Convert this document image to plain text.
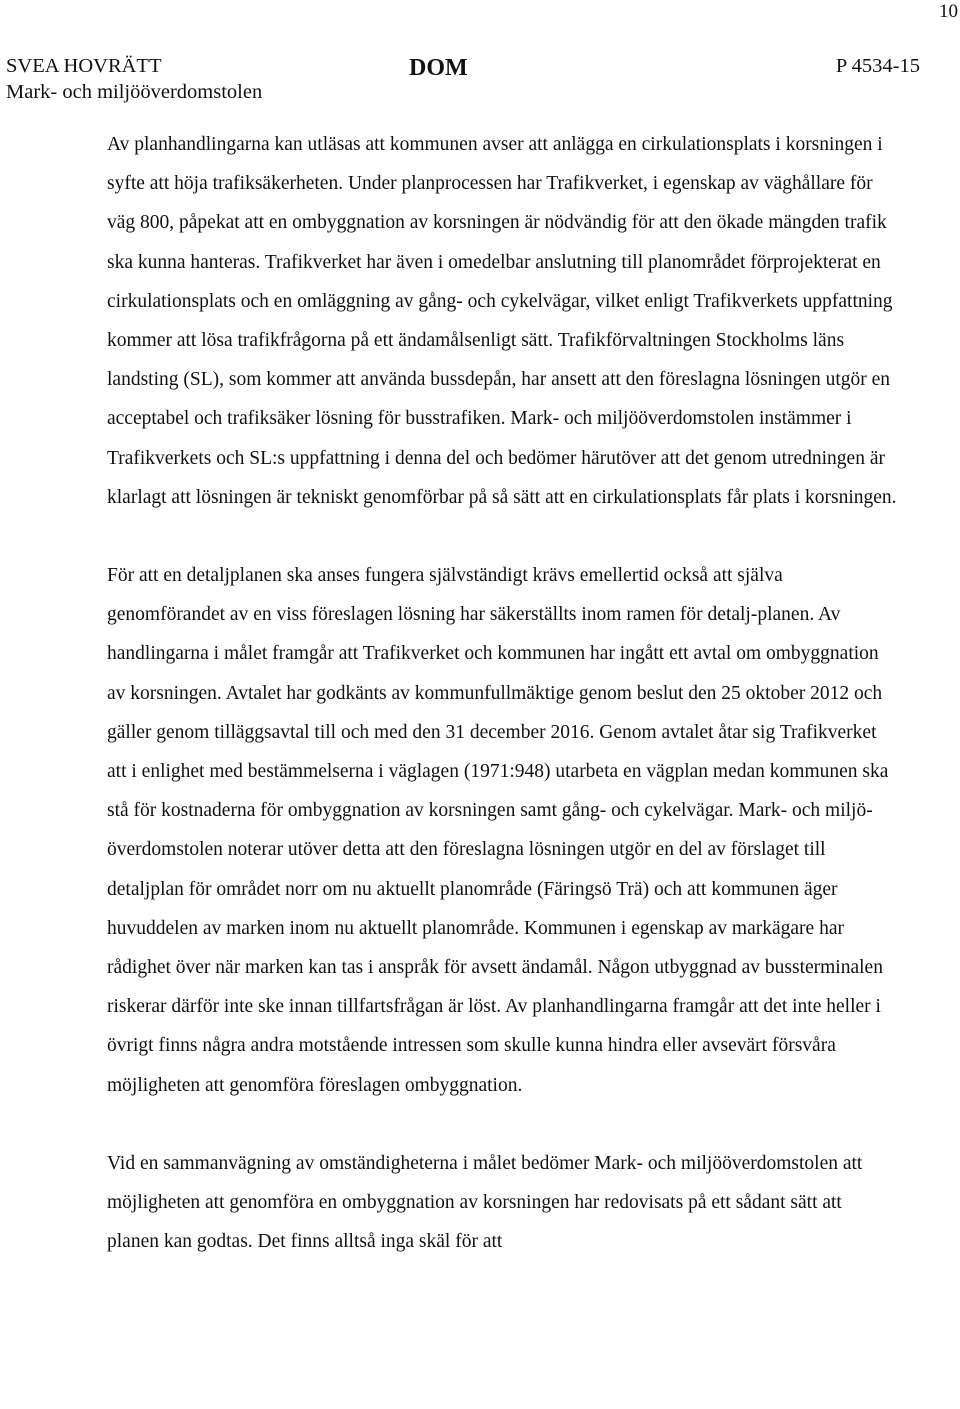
10
SVEA HOVRÄTT
Mark- och miljööverdomstolen
DOM	P 4534-15

Av planhandlingarna kan utläsas att kommunen avser att anlägga en cirkulationsplats i korsningen i syfte att höja trafiksäkerheten. Under planprocessen har Trafikverket, i egenskap av väghållare för väg 800, påpekat att en ombyggnation av korsningen är nödvändig för att den ökade mängden trafik ska kunna hanteras. Trafikverket har även i omedelbar anslutning till planområdet förprojekterat en cirkulationsplats och en omläggning av gång- och cykelvägar, vilket enligt Trafikverkets uppfattning kommer att lösa trafikfrågorna på ett ändamålsenligt sätt. Trafikförvaltningen Stockholms läns landsting (SL), som kommer att använda bussdepån, har ansett att den föreslagna lösningen utgör en acceptabel och trafiksäker lösning för busstrafiken. Mark- och miljööverdomstolen instämmer i Trafikverkets och SL:s uppfattning i denna del och bedömer härutöver att det genom utredningen är klarlagt att lösningen är tekniskt genomförbar på så sätt att en cirkulationsplats får plats i korsningen.

För att en detaljplanen ska anses fungera självständigt krävs emellertid också att själva genomförandet av en viss föreslagen lösning har säkerställts inom ramen för detalj-planen. Av handlingarna i målet framgår att Trafikverket och kommunen har ingått ett avtal om ombyggnation av korsningen. Avtalet har godkänts av kommunfullmäktige genom beslut den 25 oktober 2012 och gäller genom tilläggsavtal till och med den 31 december 2016. Genom avtalet åtar sig Trafikverket att i enlighet med bestämmelserna i väglagen (1971:948) utarbeta en vägplan medan kommunen ska stå för kostnaderna för ombyggnation av korsningen samt gång- och cykelvägar. Mark- och miljö-överdomstolen noterar utöver detta att den föreslagna lösningen utgör en del av förslaget till detaljplan för området norr om nu aktuellt planområde (Färingsö Trä) och att kommunen äger huvuddelen av marken inom nu aktuellt planområde. Kommunen i egenskap av markägare har rådighet över när marken kan tas i anspråk för avsett ändamål. Någon utbyggnad av bussterminalen riskerar därför inte ske innan tillfartsfrågan är löst. Av planhandlingarna framgår att det inte heller i övrigt finns några andra motstående intressen som skulle kunna hindra eller avsevärt försvåra möjligheten att genomföra föreslagen ombyggnation.

Vid en sammanvägning av omständigheterna i målet bedömer Mark- och miljööverdomstolen att möjligheten att genomföra en ombyggnation av korsningen har redovisats på ett sådant sätt att planen kan godtas. Det finns alltså inga skäl för att
